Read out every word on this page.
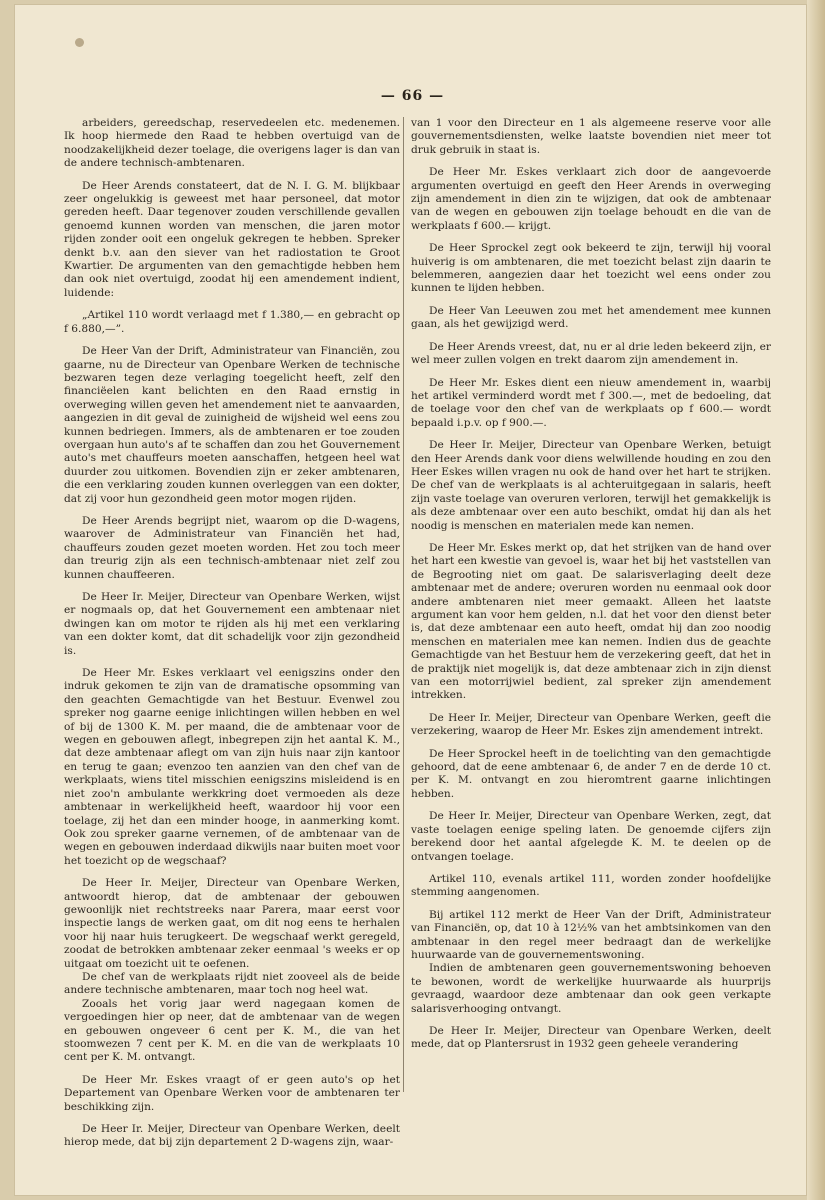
— 66 —

arbeiders, gereedschap, reservedeelen etc. medenemen. Ik hoop hiermede den Raad te hebben overtuigd van de noodzakelijkheid dezer toelage, die overigens lager is dan van de andere technisch-ambtenaren.

De Heer Arends constateert, dat de N. I. G. M. blijkbaar zeer ongelukkig is geweest met haar personeel, dat motor gereden heeft. Daar tegenover zouden verschillende gevallen genoemd kunnen worden van menschen, die jaren motor rijden zonder ooit een ongeluk gekregen te hebben. Spreker denkt b.v. aan den siever van het radiostation te Groot Kwartier. De argumenten van den gemachtigde hebben hem dan ook niet overtuigd, zoodat hij een amendement indient, luidende:

„Artikel 110 wordt verlaagd met f 1.380,— en gebracht op f 6.880,—”.

De Heer Van der Drift, Administrateur van Financiën, zou gaarne, nu de Directeur van Openbare Werken de technische bezwaren tegen deze verlaging toegelicht heeft, zelf den financiëelen kant belichten en den Raad ernstig in overweging willen geven het amendement niet te aanvaarden, aangezien in dit geval de zuinigheid de wijsheid wel eens zou kunnen bedriegen. Immers, als de ambtenaren er toe zouden overgaan hun auto's af te schaffen dan zou het Gouvernement auto's met chauffeurs moeten aanschaffen, hetgeen heel wat duurder zou uitkomen. Bovendien zijn er zeker ambtenaren, die een verklaring zouden kunnen overleggen van een dokter, dat zij voor hun gezondheid geen motor mogen rijden.

De Heer Arends begrijpt niet, waarom op die D-wagens, waarover de Administrateur van Financiën het had, chauffeurs zouden gezet moeten worden. Het zou toch meer dan treurig zijn als een technisch-ambtenaar niet zelf zou kunnen chauffeeren.

De Heer Ir. Meijer, Directeur van Openbare Werken, wijst er nogmaals op, dat het Gouvernement een ambtenaar niet dwingen kan om motor te rijden als hij met een verklaring van een dokter komt, dat dit schadelijk voor zijn gezondheid is.

De Heer Mr. Eskes verklaart vel eenigszins onder den indruk gekomen te zijn van de dramatische opsomming van den geachten Gemachtigde van het Bestuur. Evenwel zou spreker nog gaarne eenige inlichtingen willen hebben en wel of bij de 1300 K. M. per maand, die de ambtenaar voor de wegen en gebouwen aflegt, inbegrepen zijn het aantal K. M., dat deze ambtenaar aflegt om van zijn huis naar zijn kantoor en terug te gaan; evenzoo ten aanzien van den chef van de werkplaats, wiens titel misschien eenigszins misleidend is en niet zoo'n ambulante werkkring doet vermoeden als deze ambtenaar in werkelijkheid heeft, waardoor hij voor een toelage, zij het dan een minder hooge, in aanmerking komt. Ook zou spreker gaarne vernemen, of de ambtenaar van de wegen en gebouwen inderdaad dikwijls naar buiten moet voor het toezicht op de wegschaaf?

De Heer Ir. Meijer, Directeur van Openbare Werken, antwoordt hierop, dat de ambtenaar der gebouwen gewoonlijk niet rechtstreeks naar Parera, maar eerst voor inspectie langs de werken gaat, om dit nog eens te herhalen voor hij naar huis terugkeert. De wegschaaf werkt geregeld, zoodat de betrokken ambtenaar zeker eenmaal 's weeks er op uitgaat om toezicht uit te oefenen.

De chef van de werkplaats rijdt niet zooveel als de beide andere technische ambtenaren, maar toch nog heel wat.

Zooals het vorig jaar werd nagegaan komen de vergoedingen hier op neer, dat de ambtenaar van de wegen en gebouwen ongeveer 6 cent per K. M., die van het stoomwezen 7 cent per K. M. en die van de werkplaats 10 cent per K. M. ontvangt.

De Heer Mr. Eskes vraagt of er geen auto's op het Departement van Openbare Werken voor de ambtenaren ter beschikking zijn.

De Heer Ir. Meijer, Directeur van Openbare Werken, deelt hierop mede, dat bij zijn departement 2 D-wagens zijn, waar-

van 1 voor den Directeur en 1 als algemeene reserve voor alle gouvernementsdiensten, welke laatste bovendien niet meer tot druk gebruik in staat is.

De Heer Mr. Eskes verklaart zich door de aangevoerde argumenten overtuigd en geeft den Heer Arends in overweging zijn amendement in dien zin te wijzigen, dat ook de ambtenaar van de wegen en gebouwen zijn toelage behoudt en die van de werkplaats f 600.— krijgt.

De Heer Sprockel zegt ook bekeerd te zijn, terwijl hij vooral huiverig is om ambtenaren, die met toezicht belast zijn daarin te belemmeren, aangezien daar het toezicht wel eens onder zou kunnen te lijden hebben.

De Heer Van Leeuwen zou met het amendement mee kunnen gaan, als het gewijzigd werd.

De Heer Arends vreest, dat, nu er al drie leden bekeerd zijn, er wel meer zullen volgen en trekt daarom zijn amendement in.

De Heer Mr. Eskes dient een nieuw amendement in, waarbij het artikel verminderd wordt met f 300.—, met de bedoeling, dat de toelage voor den chef van de werkplaats op f 600.— wordt bepaald i.p.v. op f 900.—.

De Heer Ir. Meijer, Directeur van Openbare Werken, betuigt den Heer Arends dank voor diens welwillende houding en zou den Heer Eskes willen vragen nu ook de hand over het hart te strijken. De chef van de werkplaats is al achteruitgegaan in salaris, heeft zijn vaste toelage van overuren verloren, terwijl het gemakkelijk is als deze ambtenaar over een auto beschikt, omdat hij dan als het noodig is menschen en materialen mede kan nemen.

De Heer Mr. Eskes merkt op, dat het strijken van de hand over het hart een kwestie van gevoel is, waar het bij het vaststellen van de Begrooting niet om gaat. De salarisverlaging deelt deze ambtenaar met de andere; overuren worden nu eenmaal ook door andere ambtenaren niet meer gemaakt. Alleen het laatste argument kan voor hem gelden, n.l. dat het voor den dienst beter is, dat deze ambtenaar een auto heeft, omdat hij dan zoo noodig menschen en materialen mee kan nemen. Indien dus de geachte Gemachtigde van het Bestuur hem de verzekering geeft, dat het in de praktijk niet mogelijk is, dat deze ambtenaar zich in zijn dienst van een motorrijwiel bedient, zal spreker zijn amendement intrekken.

De Heer Ir. Meijer, Directeur van Openbare Werken, geeft die verzekering, waarop de Heer Mr. Eskes zijn amendement intrekt.

De Heer Sprockel heeft in de toelichting van den gemachtigde gehoord, dat de eene ambtenaar 6, de ander 7 en de derde 10 ct. per K. M. ontvangt en zou hieromtrent gaarne inlichtingen hebben.

De Heer Ir. Meijer, Directeur van Openbare Werken, zegt, dat vaste toelagen eenige speling laten. De genoemde cijfers zijn berekend door het aantal afgelegde K. M. te deelen op de ontvangen toelage.

Artikel 110, evenals artikel 111, worden zonder hoofdelijke stemming aangenomen.

Bij artikel 112 merkt de Heer Van der Drift, Administrateur van Financiën, op, dat 10 à 12½% van het ambtsinkomen van den ambtenaar in den regel meer bedraagt dan de werkelijke huurwaarde van de gouvernementswoning.

Indien de ambtenaren geen gouvernementswoning behoeven te bewonen, wordt de werkelijke huurwaarde als huurprijs gevraagd, waardoor deze ambtenaar dan ook geen verkapte salarisverhooging ontvangt.

De Heer Ir. Meijer, Directeur van Openbare Werken, deelt mede, dat op Plantersrust in 1932 geen geheele verandering
